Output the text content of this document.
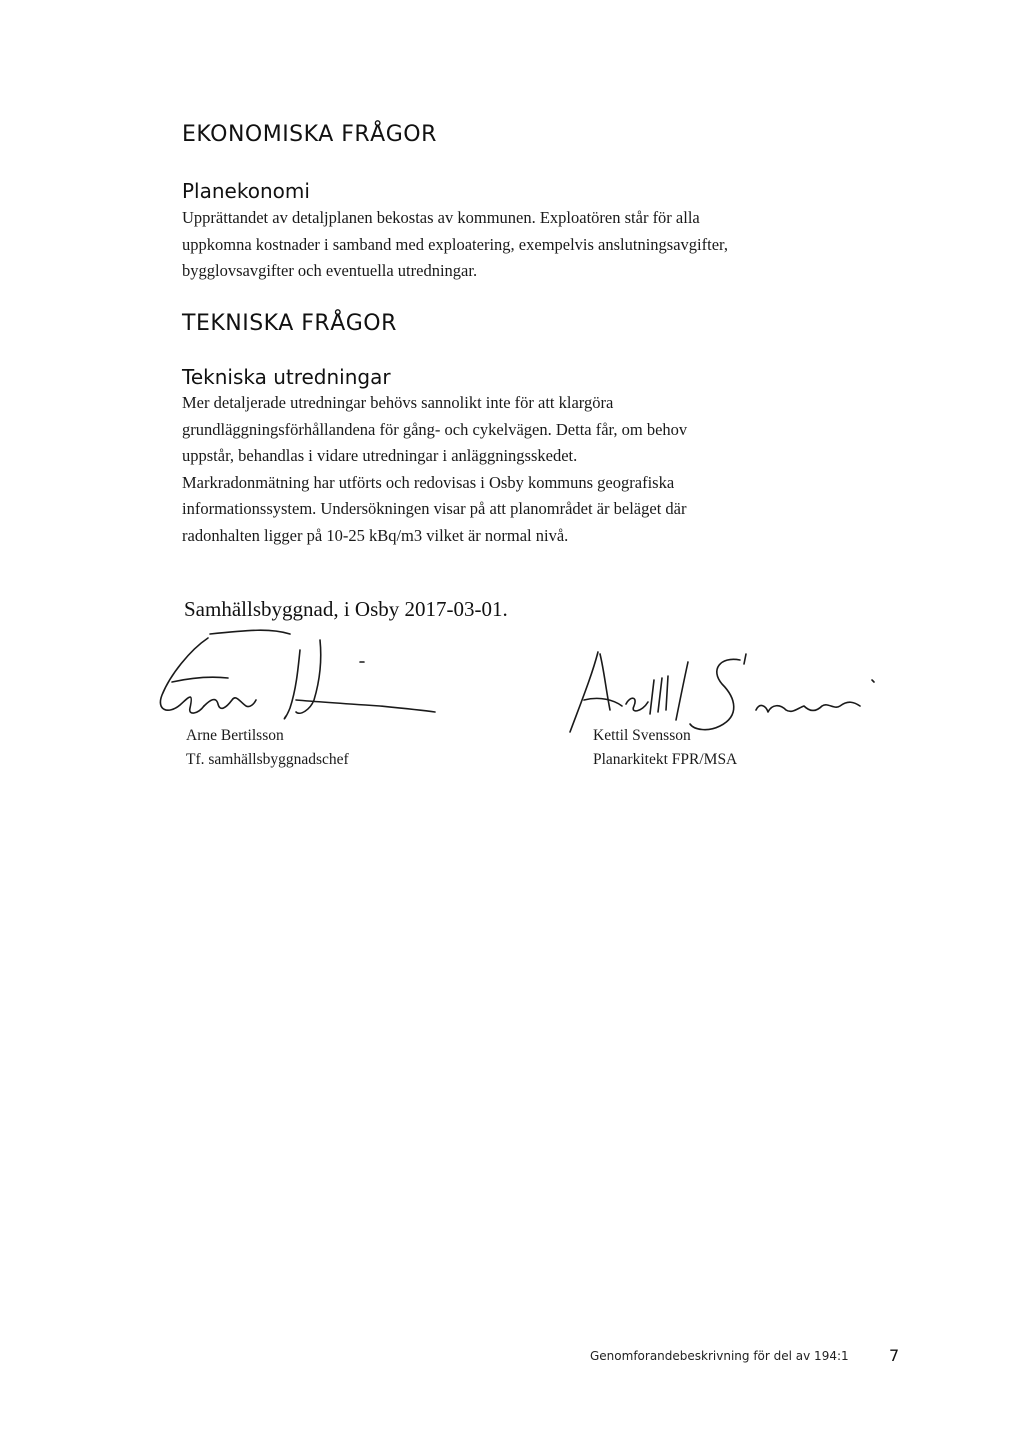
EKONOMISKA FRÅGOR
Planekonomi
Upprättandet av detaljplanen bekostas av kommunen. Exploatören står för alla
uppkomna kostnader i samband med exploatering, exempelvis anslutningsavgifter,
bygglovsavgifter och eventuella utredningar.
TEKNISKA FRÅGOR
Tekniska utredningar
Mer detaljerade utredningar behövs sannolikt inte för att klargöra
grundläggningsförhållandena för gång- och cykelvägen. Detta får, om behov
uppstår, behandlas i vidare utredningar i anläggningsskedet.
Markradonmätning har utförts och redovisas i Osby kommuns geografiska
informationssystem. Undersökningen visar på att planområdet är beläget där
radonhalten ligger på 10-25 kBq/m3 vilket är normal nivå.
Samhällsbyggnad, i Osby 2017-03-01.
Arne Bertilsson
Tf. samhällsbyggnadschef
Kettil Svensson
Planarkitekt FPR/MSA
Genomforandebeskrivning för del av 194:1	7
